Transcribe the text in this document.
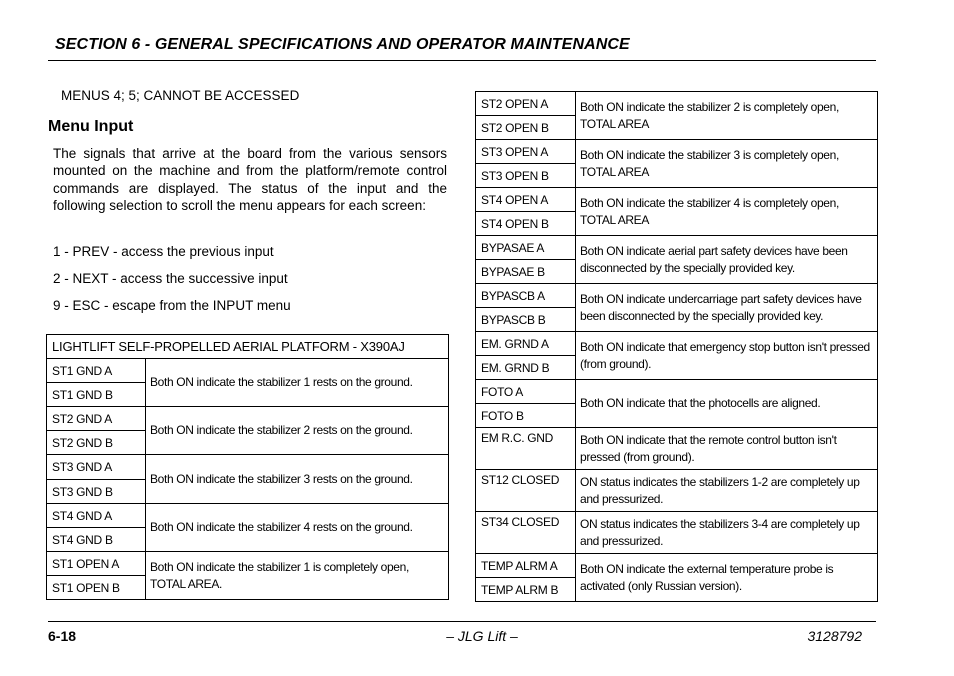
SECTION 6 - GENERAL SPECIFICATIONS AND OPERATOR MAINTENANCE
MENUS 4; 5; CANNOT BE ACCESSED
Menu Input
The signals that arrive at the board from the various sensors mounted on the machine and from the platform/remote control commands are displayed. The status of the input and the following selection to scroll the menu appears for each screen:
1 - PREV - access the previous input
2 - NEXT - access the successive input
9 - ESC - escape from the INPUT menu
LIGHTLIFT SELF-PROPELLED AERIAL PLATFORM - X390AJ	
ST1 GND A	Both ON indicate the stabilizer 1 rests on the ground.
ST1 GND B	
ST2 GND A	Both ON indicate the stabilizer 2 rests on the ground.
ST2 GND B	
ST3 GND A	Both ON indicate the stabilizer 3 rests on the ground.
ST3 GND B	
ST4 GND A	Both ON indicate the stabilizer 4 rests on the ground.
ST4 GND B	
ST1 OPEN A	Both ON indicate the stabilizer 1 is completely open, TOTAL AREA.
ST1 OPEN B	
ST2 OPEN A	Both ON indicate the stabilizer 2 is completely open, TOTAL AREA
ST2 OPEN B	
ST3 OPEN A	Both ON indicate the stabilizer 3 is completely open, TOTAL AREA
ST3 OPEN B	
ST4 OPEN A	Both ON indicate the stabilizer 4 is completely open, TOTAL AREA
ST4 OPEN B	
BYPASAE A	Both ON indicate aerial part safety devices have been disconnected by the specially provided key.
BYPASAE B	
BYPASCB A	Both ON indicate undercarriage part safety devices have been disconnected by the specially provided key.
BYPASCB B	
EM. GRND A	Both ON indicate that emergency stop button isn't pressed (from ground).
EM. GRND B	
FOTO A	Both ON indicate that the photocells are aligned.
FOTO B	
EM R.C. GND	Both ON indicate that the remote control button isn't pressed (from ground).
ST12 CLOSED	ON status indicates the stabilizers 1-2 are completely up and pressurized.
ST34 CLOSED	ON status indicates the stabilizers 3-4 are completely up and pressurized.
TEMP ALRM A	Both ON indicate the external temperature probe is activated (only Russian version).
TEMP ALRM B	
6-18	– JLG Lift –	3128792
